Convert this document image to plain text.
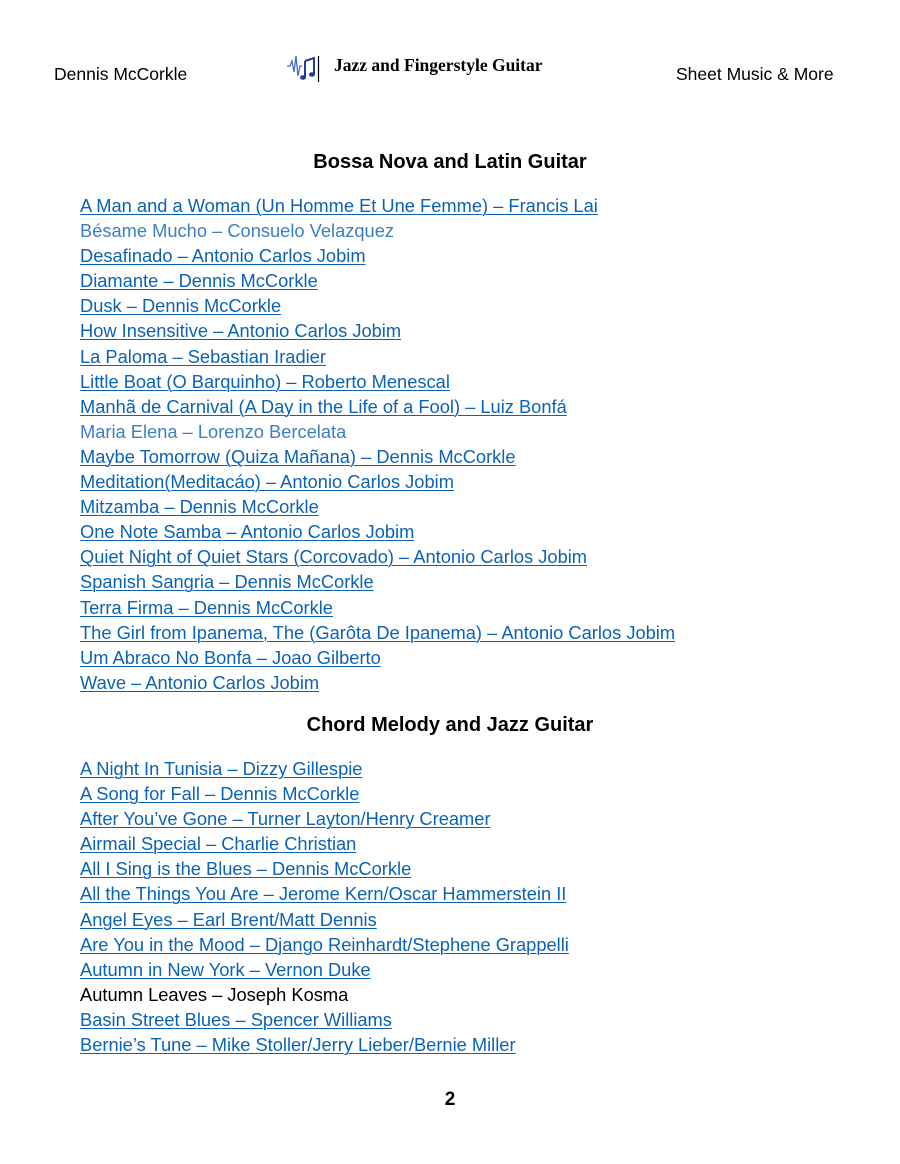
Dennis McCorkle	Jazz and Fingerstyle Guitar	Sheet Music & More
Bossa Nova and Latin Guitar
A Man and a Woman (Un Homme Et Une Femme) – Francis Lai
Bésame Mucho – Consuelo Velazquez
Desafinado – Antonio Carlos Jobim
Diamante – Dennis McCorkle
Dusk – Dennis McCorkle
How Insensitive – Antonio Carlos Jobim
La Paloma – Sebastian Iradier
Little Boat (O Barquinho) – Roberto Menescal
Manhã de Carnival (A Day in the Life of a Fool) – Luiz Bonfá
Maria Elena – Lorenzo Bercelata
Maybe Tomorrow (Quiza Mañana) – Dennis McCorkle
Meditation(Meditacáo) – Antonio Carlos Jobim
Mitzamba – Dennis McCorkle
One Note Samba – Antonio Carlos Jobim
Quiet Night of Quiet Stars (Corcovado) – Antonio Carlos Jobim
Spanish Sangria – Dennis McCorkle
Terra Firma – Dennis McCorkle
The Girl from Ipanema, The (Garôta De Ipanema) – Antonio Carlos Jobim
Um Abraco No Bonfa – Joao Gilberto
Wave – Antonio Carlos Jobim
Chord Melody and Jazz Guitar
A Night In Tunisia – Dizzy Gillespie
A Song for Fall – Dennis McCorkle
After You’ve Gone – Turner Layton/Henry Creamer
Airmail Special – Charlie Christian
All I Sing is the Blues – Dennis McCorkle
All the Things You Are – Jerome Kern/Oscar Hammerstein II
Angel Eyes – Earl Brent/Matt Dennis
Are You in the Mood – Django Reinhardt/Stephene Grappelli
Autumn in New York – Vernon Duke
Autumn Leaves – Joseph Kosma
Basin Street Blues – Spencer Williams
Bernie’s Tune – Mike Stoller/Jerry Lieber/Bernie Miller
2
